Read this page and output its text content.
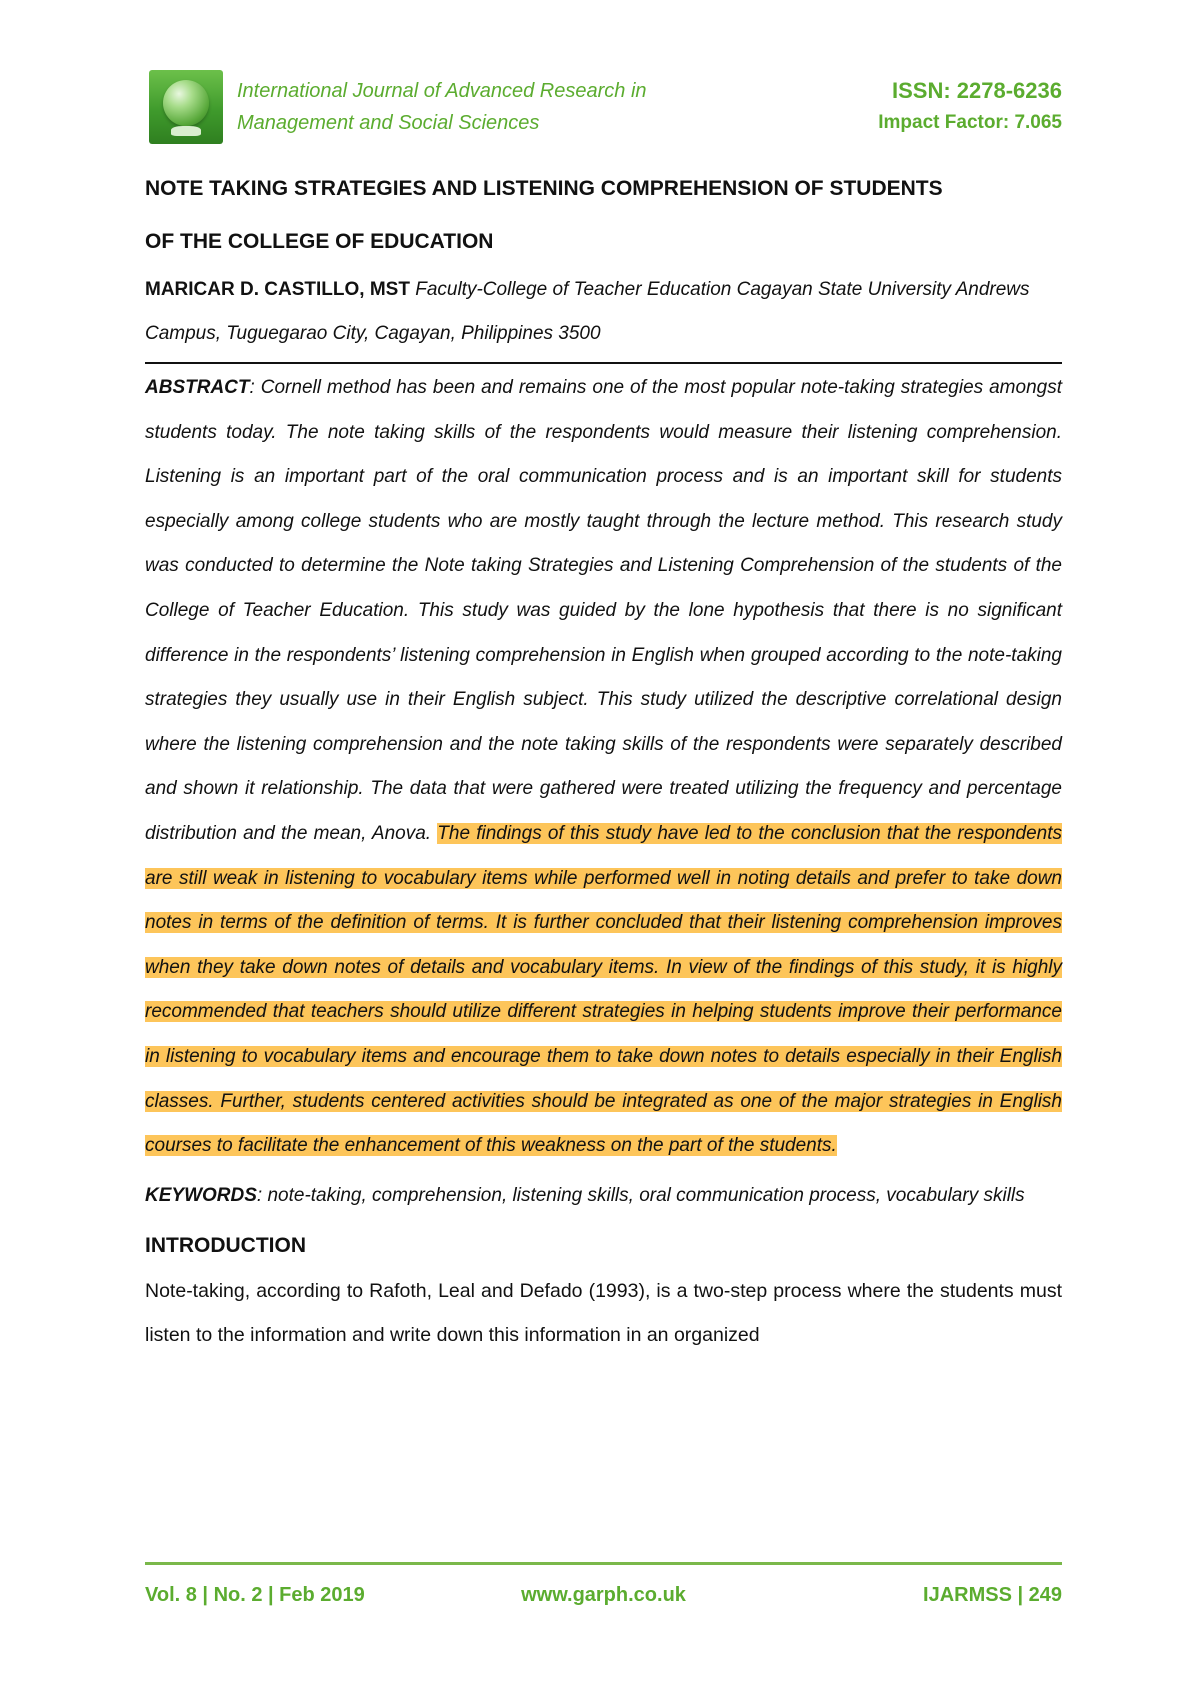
International Journal of Advanced Research in
Management and Social Sciences
ISSN: 2278-6236
Impact Factor: 7.065
NOTE TAKING STRATEGIES AND LISTENING COMPREHENSION OF STUDENTS
OF THE COLLEGE OF EDUCATION
MARICAR D. CASTILLO, MST Faculty-College of Teacher Education Cagayan State University Andrews Campus, Tuguegarao City, Cagayan, Philippines 3500
ABSTRACT: Cornell method has been and remains one of the most popular note-taking strategies amongst students today. The note taking skills of the respondents would measure their listening comprehension. Listening is an important part of the oral communication process and is an important skill for students especially among college students who are mostly taught through the lecture method. This research study was conducted to determine the Note taking Strategies and Listening Comprehension of the students of the College of Teacher Education. This study was guided by the lone hypothesis that there is no significant difference in the respondents’ listening comprehension in English when grouped according to the note-taking strategies they usually use in their English subject. This study utilized the descriptive correlational design where the listening comprehension and the note taking skills of the respondents were separately described and shown it relationship. The data that were gathered were treated utilizing the frequency and percentage distribution and the mean, Anova. The findings of this study have led to the conclusion that the respondents are still weak in listening to vocabulary items while performed well in noting details and prefer to take down notes in terms of the definition of terms. It is further concluded that their listening comprehension improves when they take down notes of details and vocabulary items. In view of the findings of this study, it is highly recommended that teachers should utilize different strategies in helping students improve their performance in listening to vocabulary items and encourage them to take down notes to details especially in their English classes. Further, students centered activities should be integrated as one of the major strategies in English courses to facilitate the enhancement of this weakness on the part of the students.
KEYWORDS: note-taking, comprehension, listening skills, oral communication process, vocabulary skills
INTRODUCTION
Note-taking, according to Rafoth, Leal and Defado (1993), is a two-step process where the students must listen to the information and write down this information in an organized
Vol. 8 | No. 2 | Feb 2019	www.garph.co.uk	IJARMSS | 249
